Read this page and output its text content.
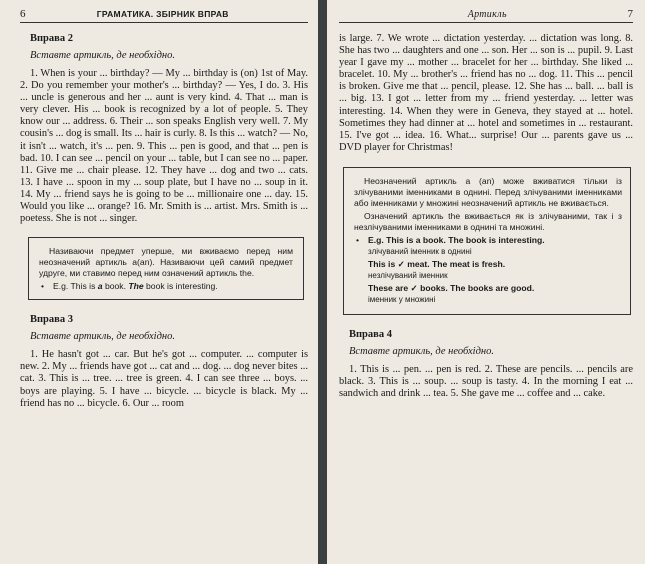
6	ГРАМАТИКА. ЗБІРНИК ВПРАВ
Вправа 2
Вставте артикль, де необхідно.

1. When is your ... birthday? — My ... birthday is (on) 1st of May. 2. Do you remember your mother's ... birthday? — Yes, I do. 3. His ... uncle is generous and her ... aunt is very kind. 4. That ... man is very clever. His ... book is recognized by a lot of people. 5. They know our ... address. 6. Their ... son speaks English very well. 7. My cousin's ... dog is small. Its ... hair is curly. 8. Is this ... watch? — No, it isn't ... watch, it's ... pen. 9. This ... pen is good, and that ... pen is bad. 10. I can see ... pencil on your ... table, but I can see no ... paper. 11. Give me ... chair please. 12. They have ... dog and two ... cats. 13. I have ... spoon in my ... soup plate, but I have no ... soup in it. 14. My ... friend says he is going to be ... millionaire one ... day. 15. Would you like ... orange? 16. Mr. Smith is ... artist. Mrs. Smith is ... poetess. She is not ... singer.

Називаючи предмет уперше, ми вживаємо перед ним неозначений артикль a(an). Називаючи цей самий предмет удруге, ми ставимо перед ним означений артикль the.

•	E.g. This is a book. The book is interesting.
Вправа 3
Вставте артикль, де необхідно.

1. He hasn't got ... car. But he's got ... computer. ... computer is new. 2. My ... friends have got ... cat and ... dog. ... dog never bites ... cat. 3. This is ... tree. ... tree is green. 4. I can see three ... boys. ... boys are playing. 5. I have ... bicycle. ... bicycle is black. My ... friend has no ... bicycle. 6. Our ... room

Артикль	7

is large. 7. We wrote ... dictation yesterday. ... dictation was long. 8. She has two ... daughters and one ... son. Her ... son is ... pupil. 9. Last year I gave my ... mother ... bracelet for her ... birthday. She liked ... bracelet. 10. My ... brother's ... friend has no ... dog. 11. This ... pencil is broken. Give me that ... pencil, please. 12. She has ... ball. ... ball is ... big. 13. I got ... letter from my ... friend yesterday. ... letter was interesting. 14. When they were in Geneva, they stayed at ... hotel. Sometimes they had dinner at ... hotel and sometimes in ... restaurant. 15. I've got ... idea. 16. What... surprise! Our ... parents gave us ... DVD player for Christmas!

Неозначений артикль a (an) може вживатися тільки із злічуваними іменниками в однині. Перед злічуваними іменниками або іменниками у множині неозначений артикль не вживається.

Означений артикль the вживається як із злічуваними, так і з незлічуваними іменниками в однині та множині.

•	E.g. This is a book. The book is interesting.
злічуваний іменник в однині
This is ✓ meat. The meat is fresh.
незлічуваний іменник
These are ✓ books. The books are good.
іменник у множині
Вправа 4
Вставте артикль, де необхідно.

1. This is ... pen. ... pen is red. 2. These are pencils. ... pencils are black. 3. This is ... soup. ... soup is tasty. 4. In the morning I eat ... sandwich and drink ... tea. 5. She gave me ... coffee and ... cake.
